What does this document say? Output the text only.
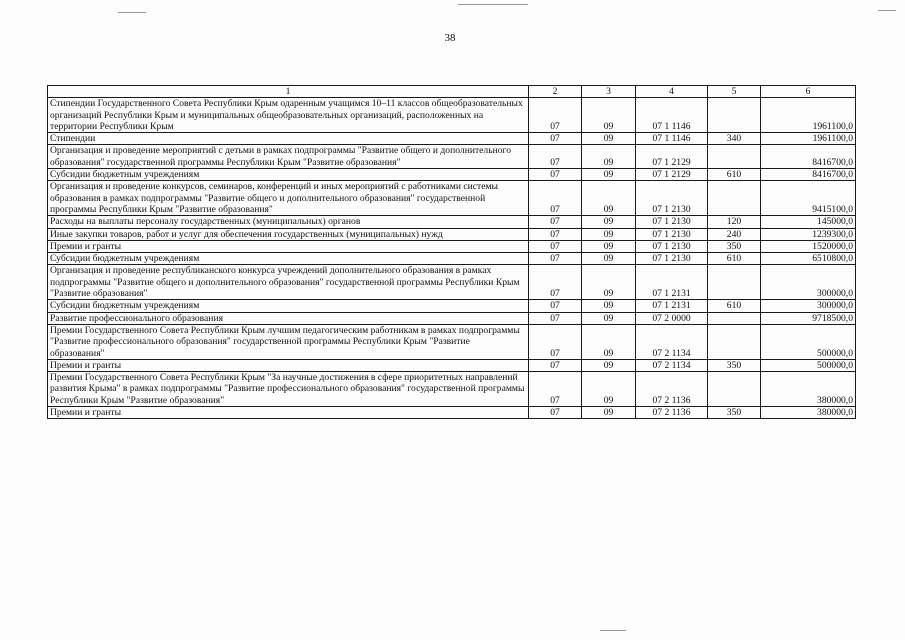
38
1	2	3	4	5	6
Стипендии Государственного Совета Республики Крым одаренным учащимся 10–11 классов общеобразовательных организаций Республики Крым и муниципальных общеобразовательных организаций, расположенных на территории Республики Крым	07	09	07 1 1146		1961100,0
Стипендии	07	09	07 1 1146	340	1961100,0
Организация и проведение мероприятий с детьми в рамках подпрограммы "Развитие общего и дополнительного образования" государственной программы Республики Крым "Развитие образования"	07	09	07 1 2129		8416700,0
Субсидии бюджетным учреждениям	07	09	07 1 2129	610	8416700,0
Организация и проведение конкурсов, семинаров, конференций и иных мероприятий с работниками системы образования в рамках подпрограммы "Развитие общего и дополнительного образования" государственной программы Республики Крым "Развитие образования"	07	09	07 1 2130		9415100,0
Расходы на выплаты персоналу государственных (муниципальных) органов	07	09	07 1 2130	120	145000,0
Иные закупки товаров, работ и услуг для обеспечения государственных (муниципальных) нужд	07	09	07 1 2130	240	1239300,0
Премии и гранты	07	09	07 1 2130	350	1520000,0
Субсидии бюджетным учреждениям	07	09	07 1 2130	610	6510800,0
Организация и проведение республиканского конкурса учреждений дополнительного образования в рамках подпрограммы "Развитие общего и дополнительного образования" государственной программы Республики Крым "Развитие образования"	07	09	07 1 2131		300000,0
Субсидии бюджетным учреждениям	07	09	07 1 2131	610	300000,0
Развитие профессионального образования	07	09	07 2 0000		9718500,0
Премии Государственного Совета Республики Крым лучшим педагогическим работникам в рамках подпрограммы "Развитие профессионального образования" государственной программы Республики Крым "Развитие образования"	07	09	07 2 1134		500000,0
Премии и гранты	07	09	07 2 1134	350	500000,0
Премии Государственного Совета Республики Крым "За научные достижения в сфере приоритетных направлений развития Крыма" в рамках подпрограммы "Развитие профессионального образования" государственной программы Республики Крым "Развитие образования"	07	09	07 2 1136		380000,0
Премии и гранты	07	09	07 2 1136	350	380000,0
